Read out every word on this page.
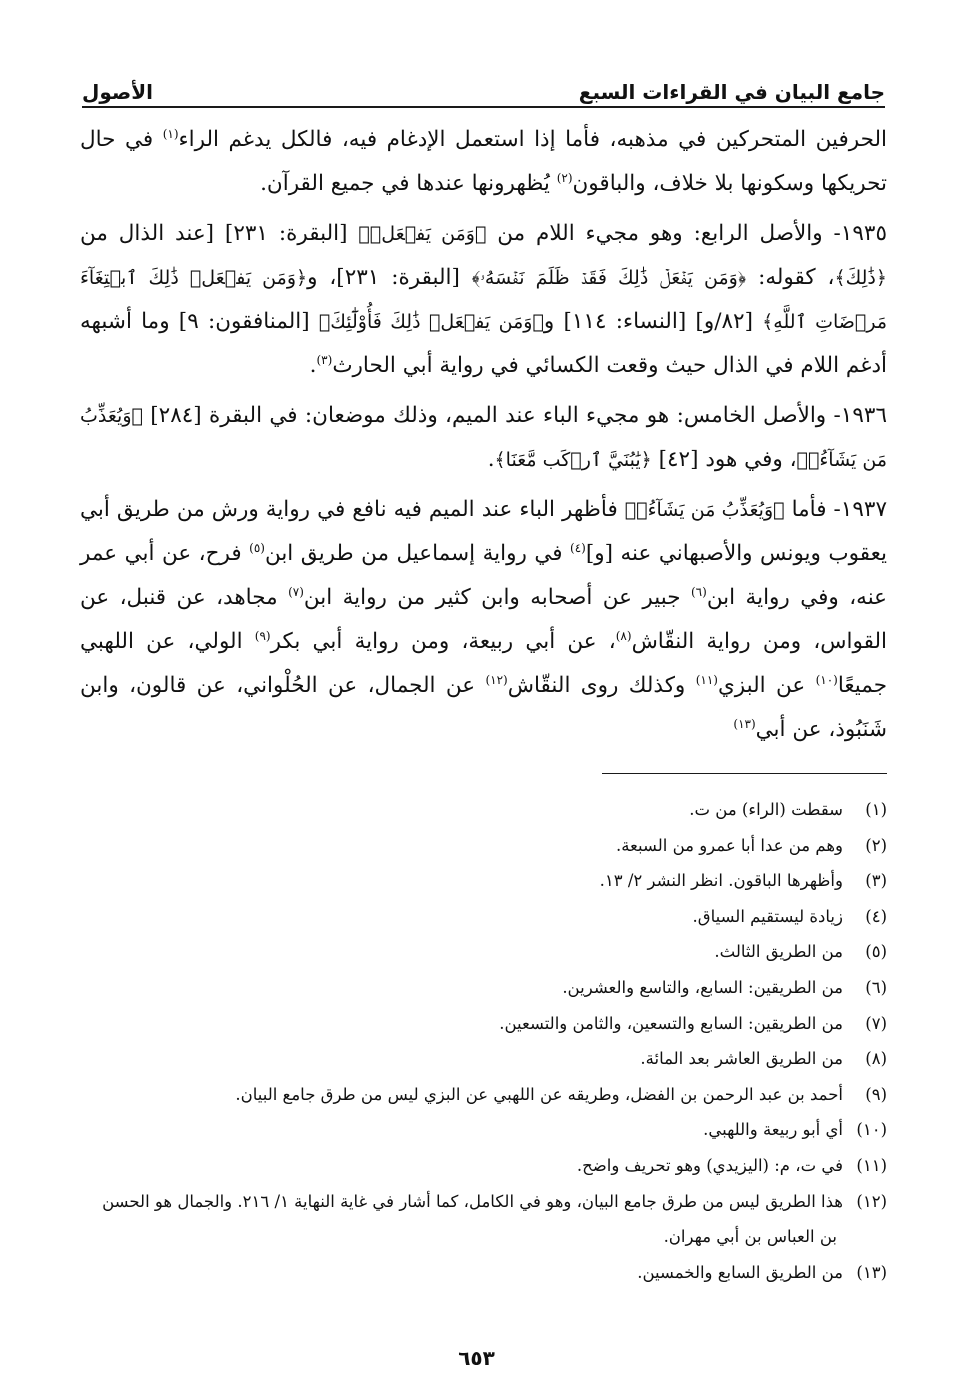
جامع البيان في القراءات السبع
الأصول

الحرفين المتحركين في مذهبه، فأما إذا استعمل الإدغام فيه، فالكل يدغم الراء$^{(١)}$ في حال تحريكها وسكونها بلا خلاف، والباقون$^{(٢)}$ يُظهرونها عندها في جميع القرآن.

١٩٣٥- والأصل الرابع: وهو مجيء اللام من ﴿وَمَن يَفۡعَلۡ﴾ [البقرة: ٢٣١] [عند الذال من ﴿ذَٰلِكَ﴾، كقوله: ﴿وَمَن يَفۡعَلۡ ذَٰلِكَ فَقَدۡ ظَلَمَ نَفۡسَهُۥ﴾ [البقرة: ٢٣١]، و﴿وَمَن يَفۡعَلۡ ذَٰلِكَ ٱبۡتِغَآءَ مَرۡضَاتِ ٱللَّهِ﴾ [٨٢/و] [النساء: ١١٤] و﴿وَمَن يَفۡعَلۡ ذَٰلِكَ فَأُوْلَٰٓئِكَ﴾ [المنافقون: ٩] وما أشبهه أدغم اللام في الذال حيث وقعت الكسائي في رواية أبي الحارث$^{(٣)}$.

١٩٣٦- والأصل الخامس: هو مجيء الباء عند الميم، وذلك موضعان: في البقرة [٢٨٤] ﴿وَيُعَذِّبُ مَن يَشَآءُۗ﴾، وفي هود [٤٢] ﴿يَٰبُنَيَّ ٱرۡكَب مَّعَنَا﴾.

١٩٣٧- فأما ﴿وَيُعَذِّبُ مَن يَشَآءُۗ﴾ فأظهر الباء عند الميم فيه نافع في رواية ورش من طريق أبي يعقوب ويونس والأصبهاني عنه [و]$^{(٤)}$ في رواية إسماعيل من طريق ابن$^{(٥)}$ فرح، عن أبي عمر عنه، وفي رواية ابن$^{(٦)}$ جبير عن أصحابه وابن كثير من رواية ابن$^{(٧)}$ مجاهد، عن قنبل، عن القواس، ومن رواية النقّاش$^{(٨)}$، عن أبي ربيعة، ومن رواية أبي بكر$^{(٩)}$ الولي، عن اللهبي جميعًا$^{(١٠)}$ عن البزي$^{(١١)}$ وكذلك روى النقّاش$^{(١٢)}$ عن الجمال، عن الحُلْواني، عن قالون، وابن شَنَبُوذ، عن أبي$^{(١٣)}$

(١)سقطت (الراء) من ت.
(٢)وهم من عدا أبا عمرو من السبعة.
(٣)وأظهرها الباقون. انظر النشر ٢/ ١٣.
(٤)زيادة ليستقيم السياق.
(٥)من الطريق الثالث.
(٦)من الطريقين: السابع، والتاسع والعشرين.
(٧)من الطريقين: السابع والتسعين، والثامن والتسعين.
(٨)من الطريق العاشر بعد المائة.
(٩)أحمد بن عبد الرحمن بن الفضل، وطريقه عن اللهبي عن البزي ليس من طرق جامع البيان.
(١٠)أي أبو ربيعة واللهبي.
(١١)في ت، م: (اليزيدي) وهو تحريف واضح.
(١٢)هذا الطريق ليس من طرق جامع البيان، وهو في الكامل، كما أشار في غاية النهاية ١/ ٢١٦. والجمال هو الحسن بن العباس بن أبي مهران.
(١٣)من الطريق السابع والخمسين.
٦٥٣
